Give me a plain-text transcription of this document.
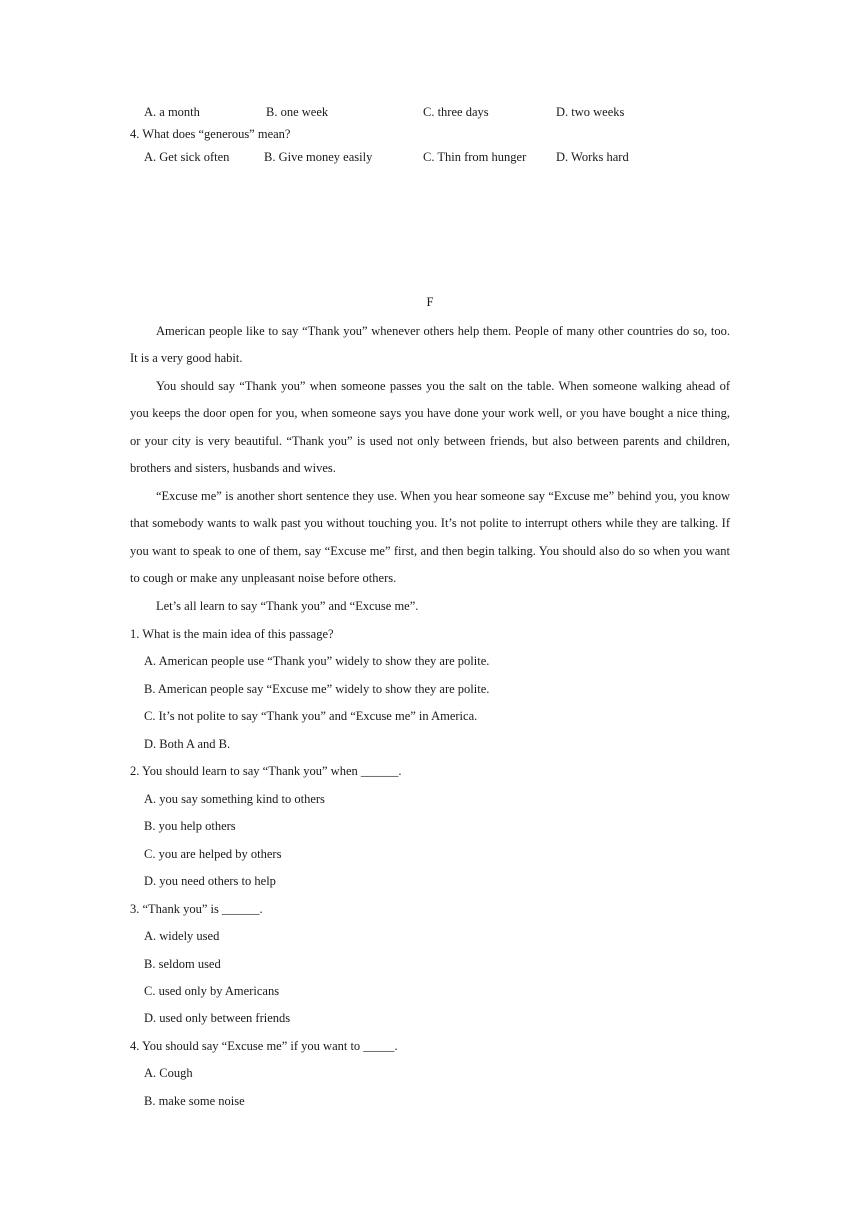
A. a month	B. one week	C. three days	D. two weeks
4. What does “generous” mean?
A. Get sick often	B. Give money easily	C. Thin from hunger D. Works hard
F
American people like to say “Thank you” whenever others help them. People of many other countries do so, too. It is a very good habit.
You should say “Thank you” when someone passes you the salt on the table. When someone walking ahead of you keeps the door open for you, when someone says you have done your work well, or you have bought a nice thing, or your city is very beautiful. “Thank you” is used not only between friends, but also between parents and children, brothers and sisters, husbands and wives.
“Excuse me” is another short sentence they use. When you hear someone say “Excuse me” behind you, you know that somebody wants to walk past you without touching you. It’s not polite to interrupt others while they are talking. If you want to speak to one of them, say “Excuse me” first, and then begin talking. You should also do so when you want to cough or make any unpleasant noise before others.
Let’s all learn to say “Thank you” and “Excuse me”.
1. What is the main idea of this passage?
A. American people use “Thank you” widely to show they are polite.
B. American people say “Excuse me” widely to show they are polite.
C. It’s not polite to say “Thank you” and “Excuse me” in America.
D. Both A and B.
2. You should learn to say “Thank you” when ______.
A. you say something kind to others
B. you help others
C. you are helped by others
D. you need others to help
3. “Thank you” is ______.
A. widely used
B. seldom used
C. used only by Americans
D. used only between friends
4. You should say “Excuse me” if you want to _____.
A. Cough
B. make some noise
